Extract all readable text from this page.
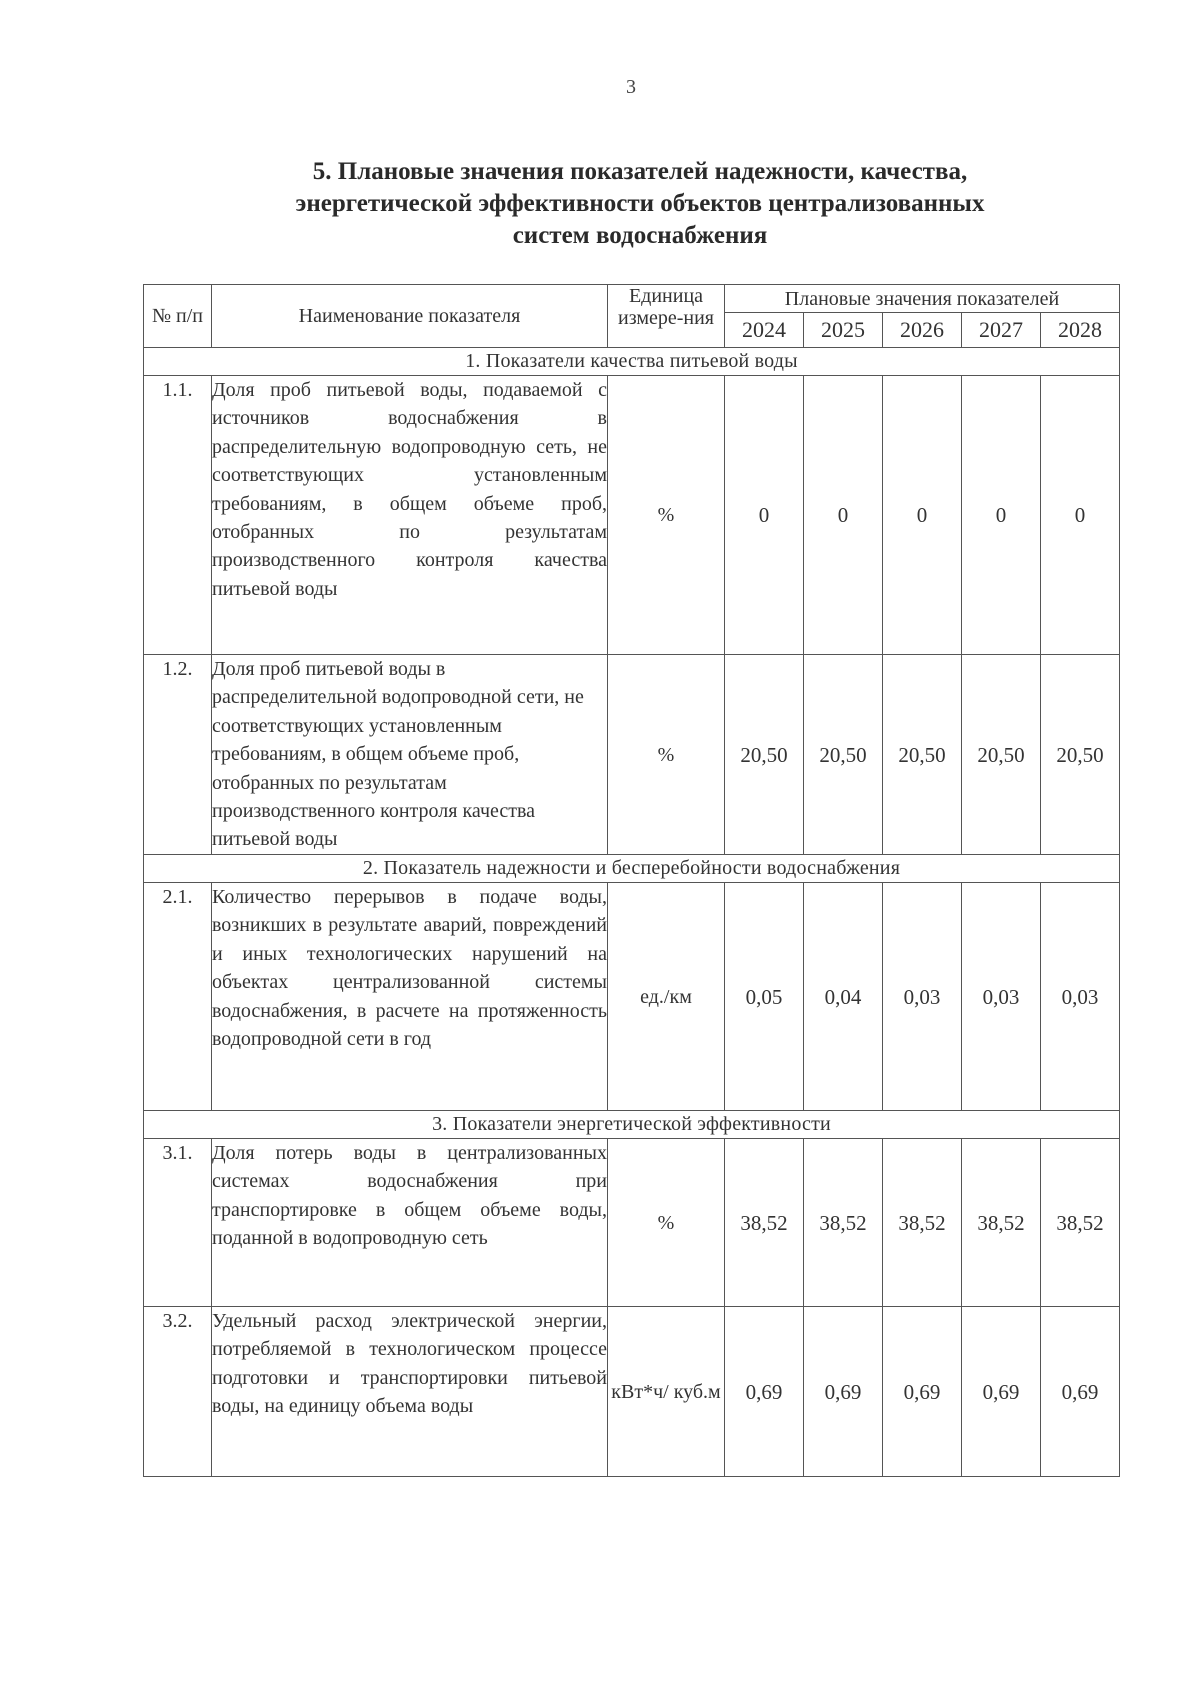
3
5. Плановые значения показателей надежности, качества,
энергетической эффективности объектов централизованных
систем водоснабжения
№ п/п	Наименование показателя	Единица измере-ния	Плановые значения показателей				
			2024	2025	2026	2027	2028
1. Показатели качества питьевой воды							
1.1.	Доля проб питьевой воды, подаваемой с источников водоснабжения в распределительную водопроводную сеть, не соответствующих установленным требованиям, в общем объеме проб, отобранных по результатам производственного контроля качества питьевой воды	%	0	0	0	0	0
1.2.	Доля проб питьевой воды в распределительной водопроводной сети, не соответствующих установленным требованиям, в общем объеме проб, отобранных по результатам производственного контроля качества питьевой воды	%	20,50	20,50	20,50	20,50	20,50
2. Показатель надежности и бесперебойности водоснабжения							
2.1.	Количество перерывов в подаче воды, возникших в результате аварий, повреждений и иных технологических нарушений на объектах централизованной системы водоснабжения, в расчете на протяженность водопроводной сети в год	ед./км	0,05	0,04	0,03	0,03	0,03
3. Показатели энергетической эффективности							
3.1.	Доля потерь воды в централизованных системах водоснабжения при транспортировке в общем объеме воды, поданной в водопроводную сеть	%	38,52	38,52	38,52	38,52	38,52
3.2.	Удельный расход электрической энергии, потребляемой в технологическом процессе подготовки и транспортировки питьевой воды, на единицу объема воды	кВт*ч/ куб.м	0,69	0,69	0,69	0,69	0,69
